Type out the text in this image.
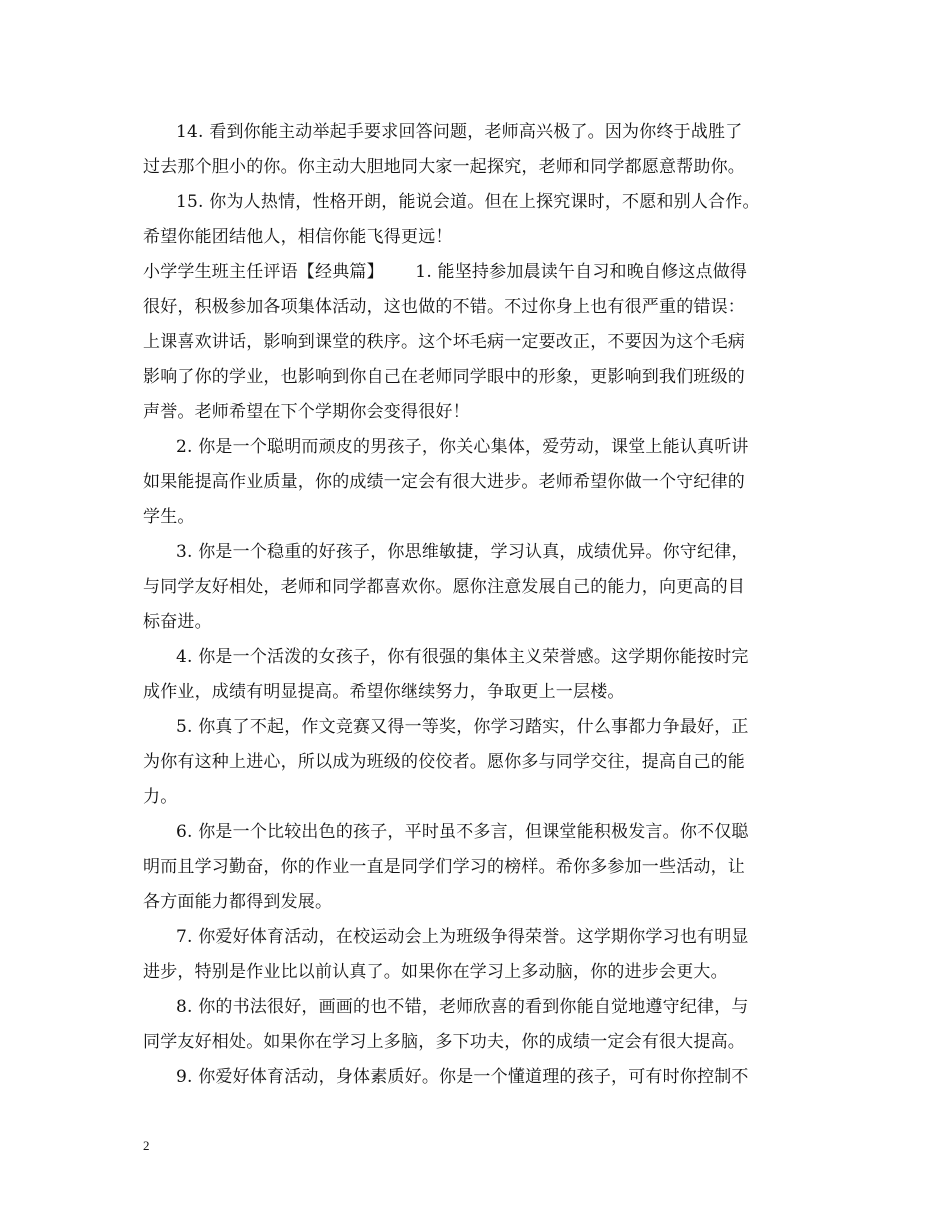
14. 看到你能主动举起手要求回答问题，老师高兴极了。因为你终于战胜了
过去那个胆小的你。你主动大胆地同大家一起探究，老师和同学都愿意帮助你。
15. 你为人热情，性格开朗，能说会道。但在上探究课时，不愿和别人合作。
希望你能团结他人，相信你能飞得更远！
小学学生班主任评语【经典篇】　　 1. 能坚持参加晨读午自习和晚自修这点做得
很好，积极参加各项集体活动，这也做的不错。不过你身上也有很严重的错误：
上课喜欢讲话，影响到课堂的秩序。这个坏毛病一定要改正，不要因为这个毛病
影响了你的学业，也影响到你自己在老师同学眼中的形象，更影响到我们班级的
声誉。老师希望在下个学期你会变得很好！
2. 你是一个聪明而顽皮的男孩子，你关心集体，爱劳动，课堂上能认真听讲
如果能提高作业质量，你的成绩一定会有很大进步。老师希望你做一个守纪律的
学生。
3. 你是一个稳重的好孩子，你思维敏捷，学习认真，成绩优异。你守纪律，
与同学友好相处，老师和同学都喜欢你。愿你注意发展自己的能力，向更高的目
标奋进。
4. 你是一个活泼的女孩子，你有很强的集体主义荣誉感。这学期你能按时完
成作业，成绩有明显提高。希望你继续努力，争取更上一层楼。
5. 你真了不起，作文竞赛又得一等奖，你学习踏实，什么事都力争最好，正
为你有这种上进心，所以成为班级的佼佼者。愿你多与同学交往，提高自己的能
力。
6. 你是一个比较出色的孩子，平时虽不多言，但课堂能积极发言。你不仅聪
明而且学习勤奋，你的作业一直是同学们学习的榜样。希你多参加一些活动，让
各方面能力都得到发展。
7. 你爱好体育活动，在校运动会上为班级争得荣誉。这学期你学习也有明显
进步，特别是作业比以前认真了。如果你在学习上多动脑，你的进步会更大。
8. 你的书法很好，画画的也不错，老师欣喜的看到你能自觉地遵守纪律，与
同学友好相处。如果你在学习上多脑，多下功夫，你的成绩一定会有很大提高。
9. 你爱好体育活动，身体素质好。你是一个懂道理的孩子，可有时你控制不
2
